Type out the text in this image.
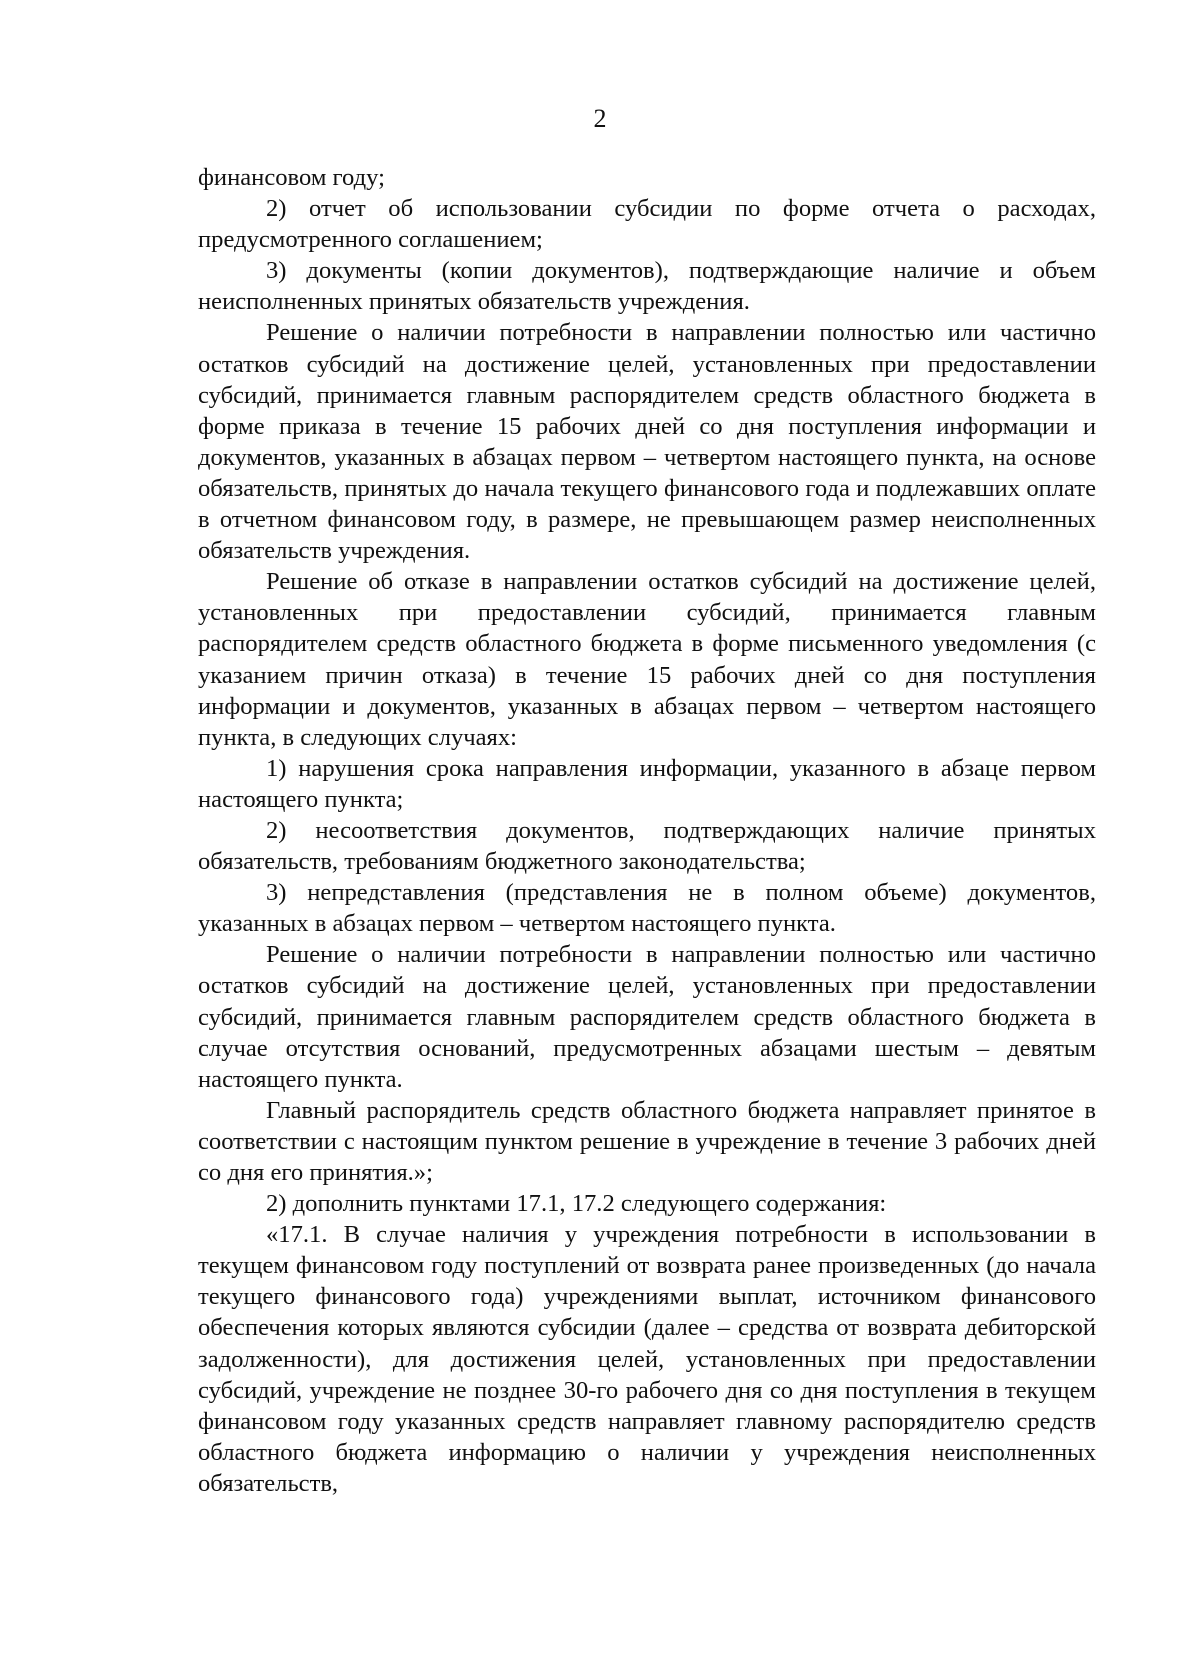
2

финансовом году;

2) отчет об использовании субсидии по форме отчета о расходах, предусмотренного соглашением;

3) документы (копии документов), подтверждающие наличие и объем неисполненных принятых обязательств учреждения.

Решение о наличии потребности в направлении полностью или частично остатков субсидий на достижение целей, установленных при предоставлении субсидий, принимается главным распорядителем средств областного бюджета в форме приказа в течение 15 рабочих дней со дня поступления информации и документов, указанных в абзацах первом – четвертом настоящего пункта, на основе обязательств, принятых до начала текущего финансового года и подлежавших оплате в отчетном финансовом году, в размере, не превышающем размер неисполненных обязательств учреждения.

Решение об отказе в направлении остатков субсидий на достижение целей, установленных при предоставлении субсидий, принимается главным распорядителем средств областного бюджета в форме письменного уведомления (с указанием причин отказа) в течение 15 рабочих дней со дня поступления информации и документов, указанных в абзацах первом – четвертом настоящего пункта, в следующих случаях:

1) нарушения срока направления информации, указанного в абзаце первом настоящего пункта;

2) несоответствия документов, подтверждающих наличие принятых обязательств, требованиям бюджетного законодательства;

3) непредставления (представления не в полном объеме) документов, указанных в абзацах первом – четвертом настоящего пункта.

Решение о наличии потребности в направлении полностью или частично остатков субсидий на достижение целей, установленных при предоставлении субсидий, принимается главным распорядителем средств областного бюджета в случае отсутствия оснований, предусмотренных абзацами шестым – девятым настоящего пункта.

Главный распорядитель средств областного бюджета направляет принятое в соответствии с настоящим пунктом решение в учреждение в течение 3 рабочих дней со дня его принятия.»;

2) дополнить пунктами 17.1, 17.2 следующего содержания:

«17.1. В случае наличия у учреждения потребности в использовании в текущем финансовом году поступлений от возврата ранее произведенных (до начала текущего финансового года) учреждениями выплат, источником финансового обеспечения которых являются субсидии (далее – средства от возврата дебиторской задолженности), для достижения целей, установленных при предоставлении субсидий, учреждение не позднее 30-го рабочего дня со дня поступления в текущем финансовом году указанных средств направляет главному распорядителю средств областного бюджета информацию о наличии у учреждения неисполненных обязательств,
